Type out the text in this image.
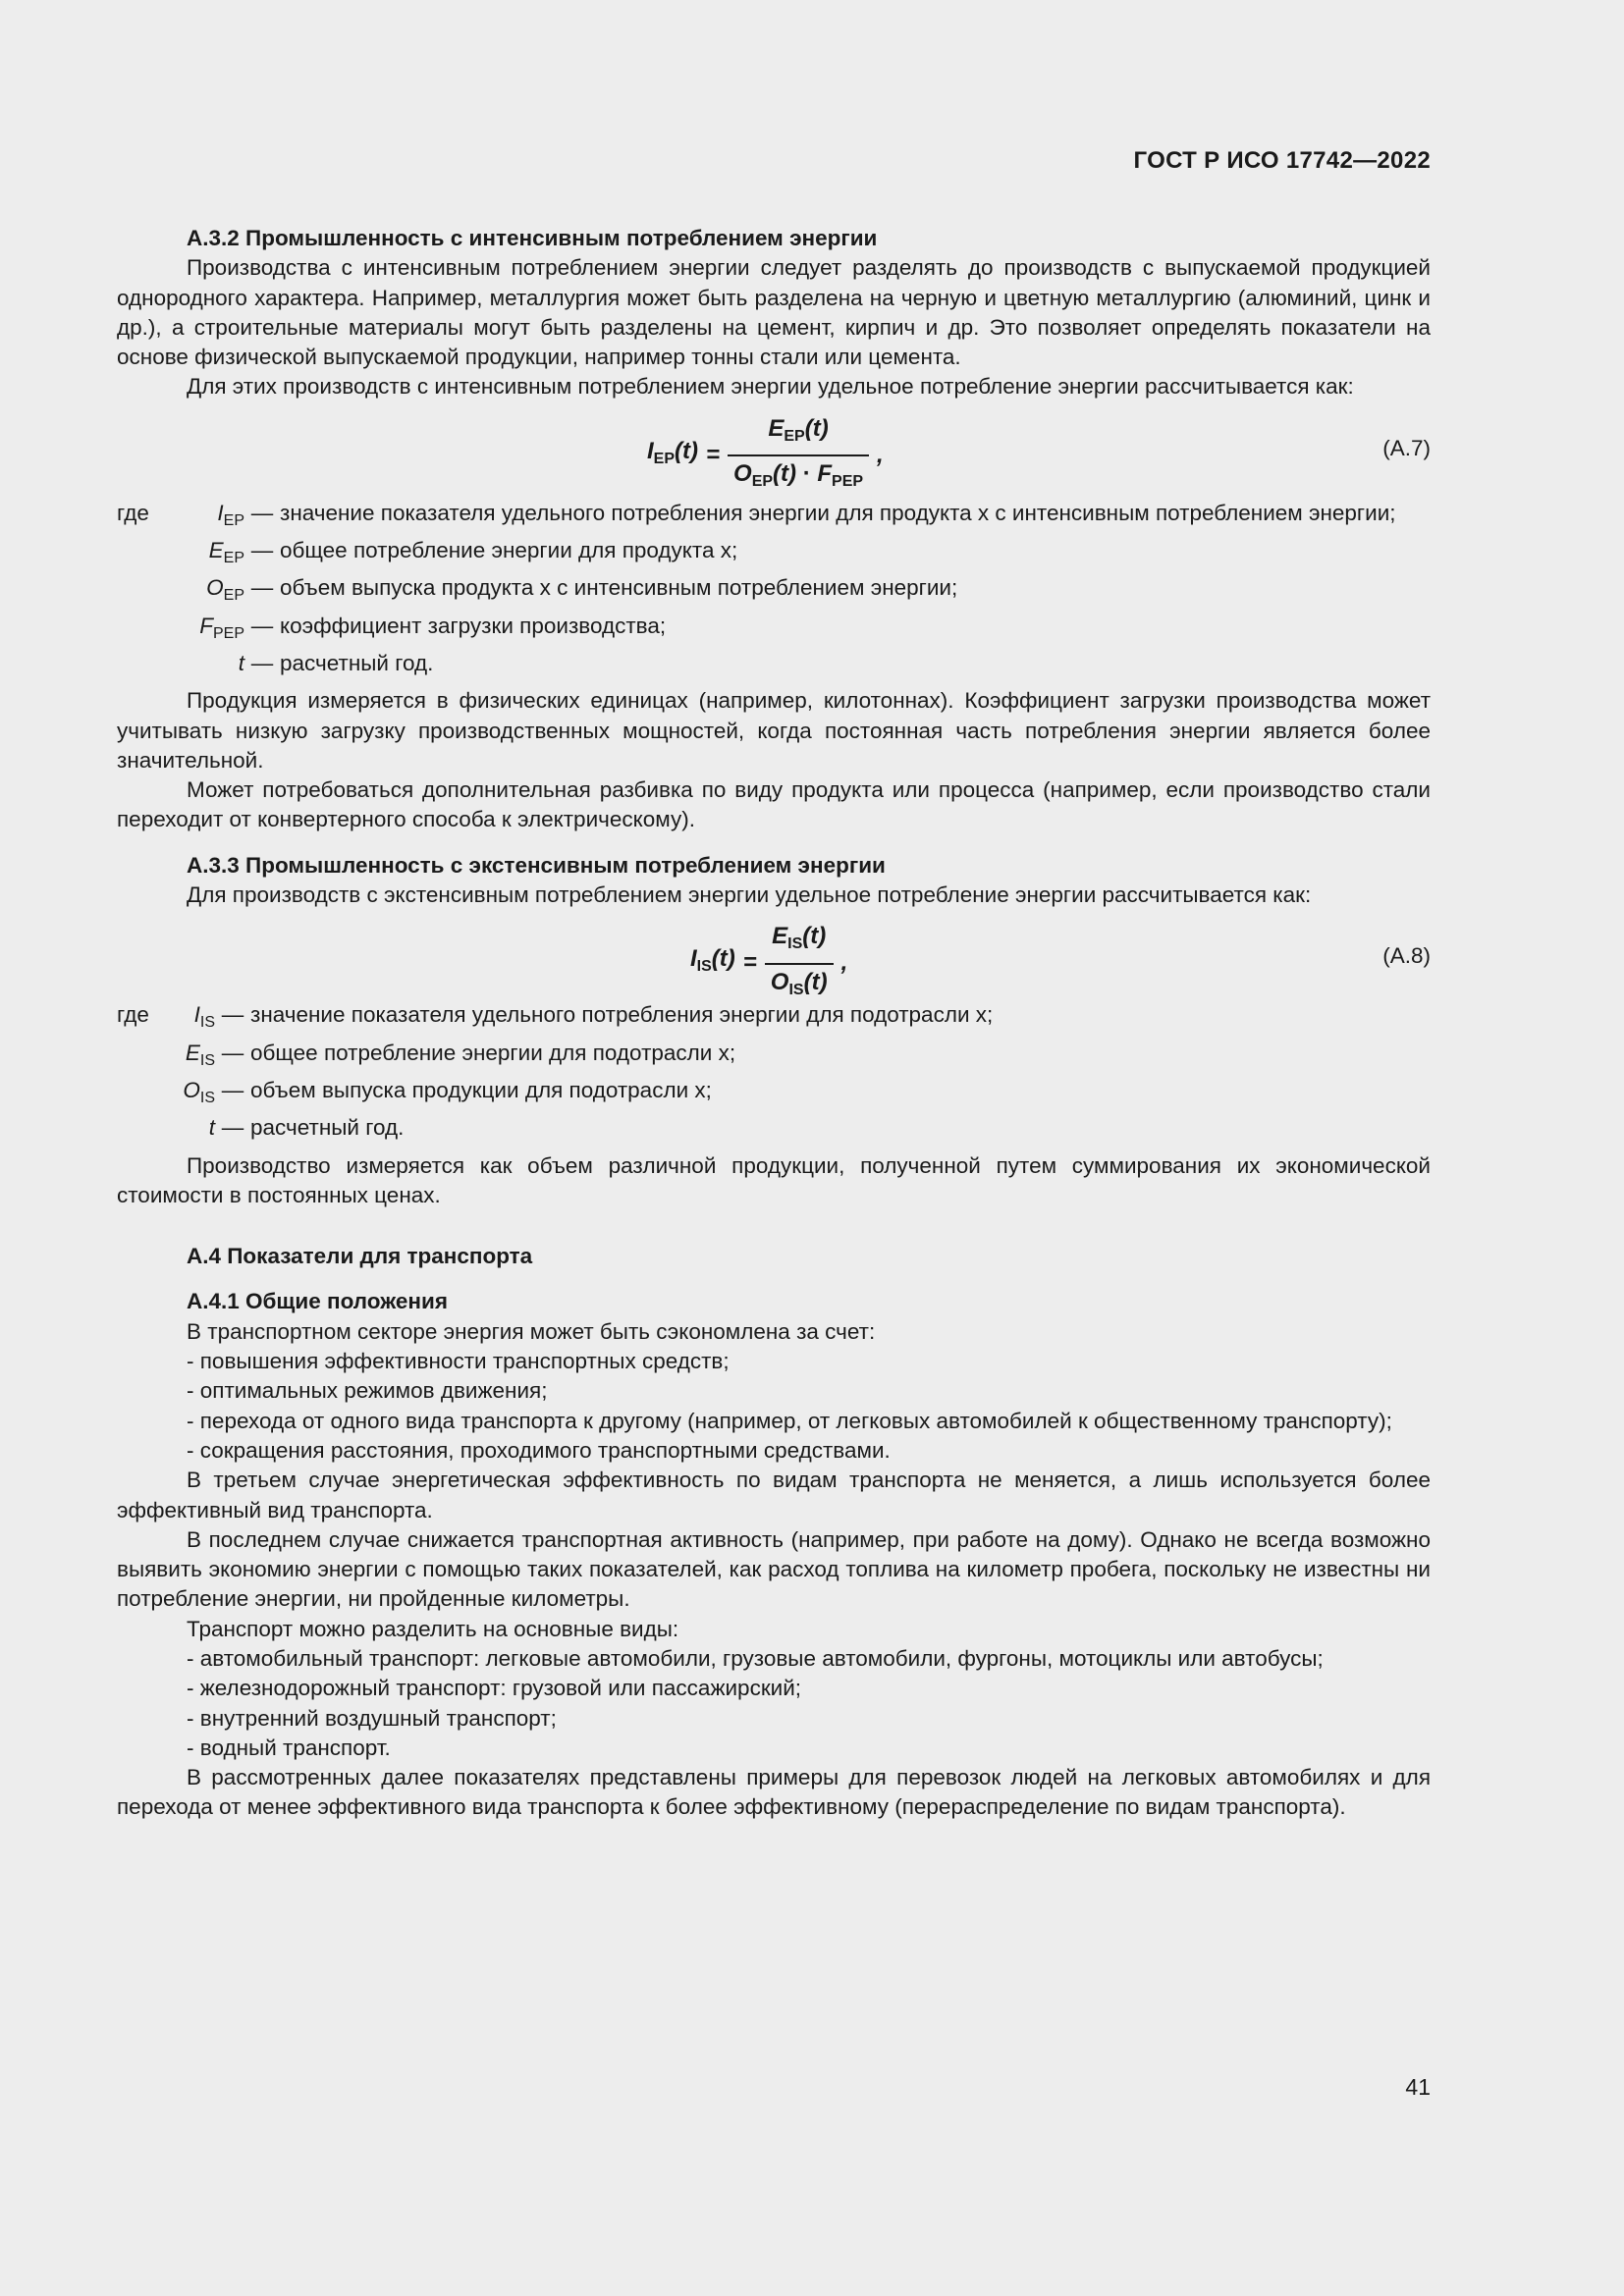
ГОСТ Р ИСО 17742—2022

А.3.2 Промышленность с интенсивным потреблением энергии

Производства с интенсивным потреблением энергии следует разделять до производств с выпускаемой продукцией однородного характера. Например, металлургия может быть разделена на черную и цветную металлургию (алюминий, цинк и др.), а строительные материалы могут быть разделены на цемент, кирпич и др. Это позволяет определять показатели на основе физической выпускаемой продукции, например тонны стали или цемента.

Для этих производств с интенсивным потреблением энергии удельное потребление энергии рассчитывается как:

$I_{EP}(t) = \frac{E_{EP}(t)}{O_{EP}(t) \cdot F_{PEP}}$ ,	(А.7)
где	$I_{EP}$ — значение показателя удельного потребления энергии для продукта x с интенсивным потреблением энергии;
$E_{EP}$ — общее потребление энергии для продукта x;
$O_{EP}$ — объем выпуска продукта x с интенсивным потреблением энергии;
$F_{PEP}$ — коэффициент загрузки производства;
t — расчетный год.

Продукция измеряется в физических единицах (например, килотоннах). Коэффициент загрузки производства может учитывать низкую загрузку производственных мощностей, когда постоянная часть потребления энергии является более значительной.

Может потребоваться дополнительная разбивка по виду продукта или процесса (например, если производство стали переходит от конвертерного способа к электрическому).

А.3.3 Промышленность с экстенсивным потреблением энергии

Для производств с экстенсивным потреблением энергии удельное потребление энергии рассчитывается как:

$I_{IS}(t) = \frac{E_{IS}(t)}{O_{IS}(t)}$ ,	(А.8)
где	$I_{IS}$ — значение показателя удельного потребления энергии для подотрасли x;
$E_{IS}$ — общее потребление энергии для подотрасли x;
$O_{IS}$ — объем выпуска продукции для подотрасли x;
t — расчетный год.

Производство измеряется как объем различной продукции, полученной путем суммирования их экономической стоимости в постоянных ценах.

А.4 Показатели для транспорта

А.4.1 Общие положения

В транспортном секторе энергия может быть сэкономлена за счет:

- повышения эффективности транспортных средств;

- оптимальных режимов движения;

- перехода от одного вида транспорта к другому (например, от легковых автомобилей к общественному транспорту);

- сокращения расстояния, проходимого транспортными средствами.

В третьем случае энергетическая эффективность по видам транспорта не меняется, а лишь используется более эффективный вид транспорта.

В последнем случае снижается транспортная активность (например, при работе на дому). Однако не всегда возможно выявить экономию энергии с помощью таких показателей, как расход топлива на километр пробега, поскольку не известны ни потребление энергии, ни пройденные километры.

Транспорт можно разделить на основные виды:

- автомобильный транспорт: легковые автомобили, грузовые автомобили, фургоны, мотоциклы или автобусы;

- железнодорожный транспорт: грузовой или пассажирский;

- внутренний воздушный транспорт;

- водный транспорт.

В рассмотренных далее показателях представлены примеры для перевозок людей на легковых автомобилях и для перехода от менее эффективного вида транспорта к более эффективному (перераспределение по видам транспорта).

41
